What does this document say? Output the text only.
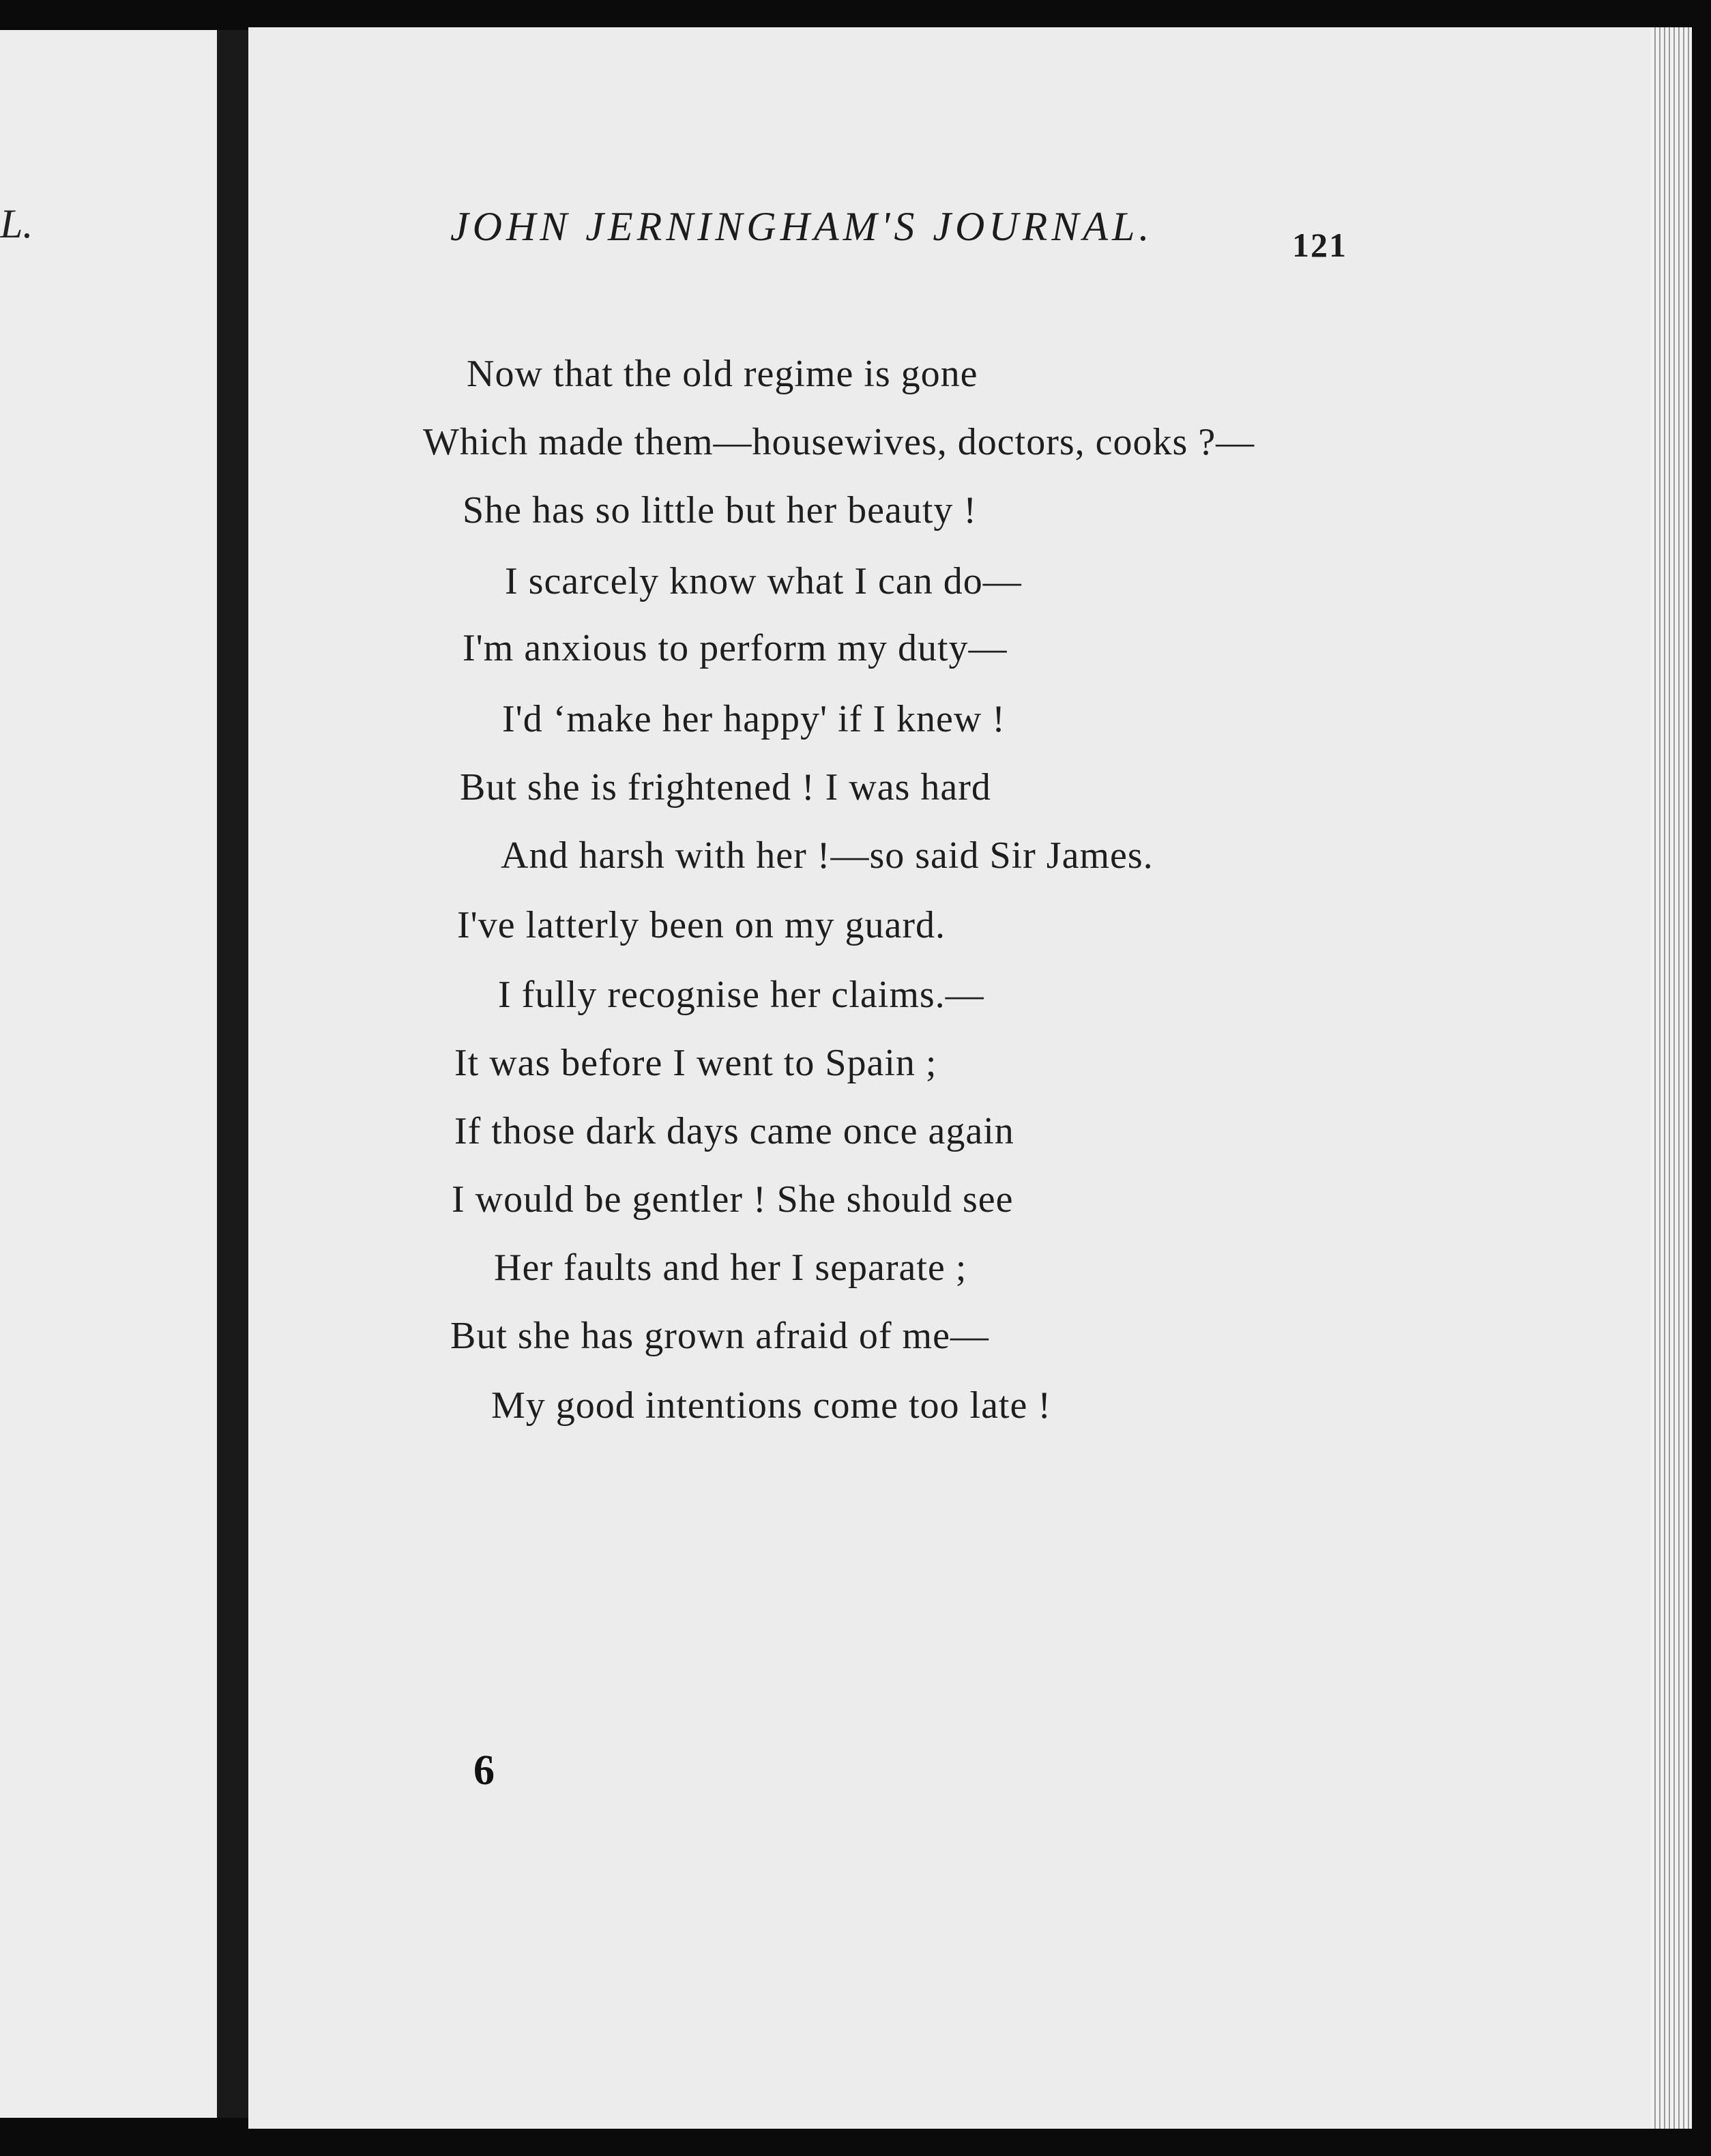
L.	JOHN JERNINGHAM'S JOURNAL.	121
Now that the old regime is gone
Which made them—housewives, doctors, cooks ?—
She has so little but her beauty !
I scarcely know what I can do—
I'm anxious to perform my duty—
I'd ‘make her happy' if I knew !
But she is frightened ! I was hard
And harsh with her !—so said Sir James.
I've latterly been on my guard.
I fully recognise her claims.—
It was before I went to Spain ;
If those dark days came once again
I would be gentler ! She should see
Her faults and her I separate ;
But she has grown afraid of me—
My good intentions come too late !
6
